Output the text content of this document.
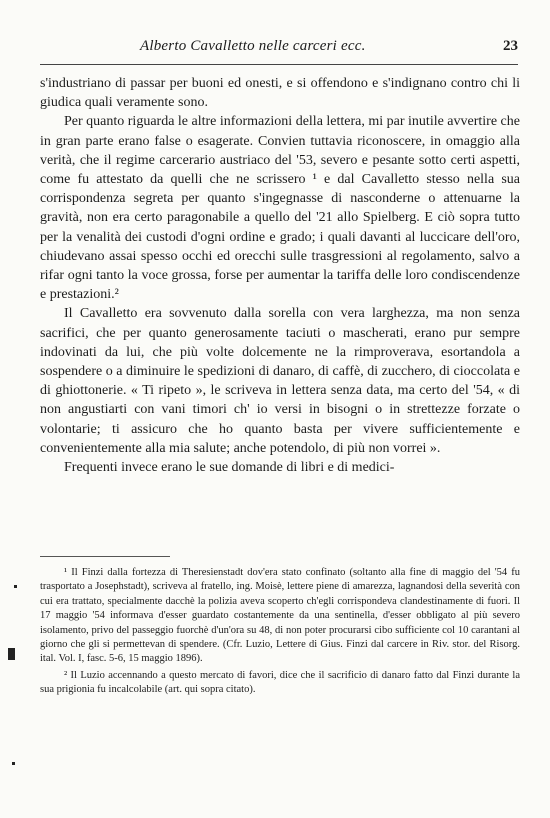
Alberto Cavalletto nelle carceri ecc.	23

s'industriano di passar per buoni ed onesti, e si offendono e s'indignano contro chi li giudica quali veramente sono.

Per quanto riguarda le altre informazioni della lettera, mi par inutile avvertire che in gran parte erano false o esagerate. Convien tuttavia riconoscere, in omaggio alla verità, che il regime carcerario austriaco del '53, severo e pesante sotto certi aspetti, come fu attestato da quelli che ne scrissero ¹ e dal Cavalletto stesso nella sua corrispondenza segreta per quanto s'ingegnasse di nasconderne o attenuarne la gravità, non era certo paragonabile a quello del '21 allo Spielberg. E ciò sopra tutto per la venalità dei custodi d'ogni ordine e grado; i quali davanti al luccicare dell'oro, chiudevano assai spesso occhi ed orecchi sulle trasgressioni al regolamento, salvo a rifar ogni tanto la voce grossa, forse per aumentar la tariffa delle loro condiscendenze e prestazioni.²

Il Cavalletto era sovvenuto dalla sorella con vera larghezza, ma non senza sacrifici, che per quanto generosamente taciuti o mascherati, erano pur sempre indovinati da lui, che più volte dolcemente ne la rimproverava, esortandola a sospendere o a diminuire le spedizioni di danaro, di caffè, di zucchero, di cioccolata e di ghiottonerie. « Ti ripeto », le scriveva in lettera senza data, ma certo del '54, « di non angustiarti con vani timori ch' io versi in bisogni o in strettezze forzate o volontarie; ti assicuro che ho quanto basta per vivere sufficientemente e convenientemente alla mia salute; anche potendolo, di più non vorrei ».

Frequenti invece erano le sue domande di libri e di medici-

¹ Il Finzi dalla fortezza di Theresienstadt dov'era stato confinato (soltanto alla fine di maggio del '54 fu trasportato a Josephstadt), scriveva al fratello, ing. Moisè, lettere piene di amarezza, lagnandosi della severità con cui era trattato, specialmente dacchè la polizia aveva scoperto ch'egli corrispondeva clandestinamente di fuori. Il 17 maggio '54 informava d'esser guardato costantemente da una sentinella, d'esser obbligato al più severo isolamento, privo del passeggio fuorchè d'un'ora su 48, di non poter procurarsi cibo sufficiente col 10 carantani al giorno che gli si permettevan di spendere. (Cfr. Luzio, Lettere di Gius. Finzi dal carcere in Riv. stor. del Risorg. ital. Vol. I, fasc. 5-6, 15 maggio 1896).

² Il Luzio accennando a questo mercato di favori, dice che il sacrificio di danaro fatto dal Finzi durante la sua prigionia fu incalcolabile (art. qui sopra citato).
